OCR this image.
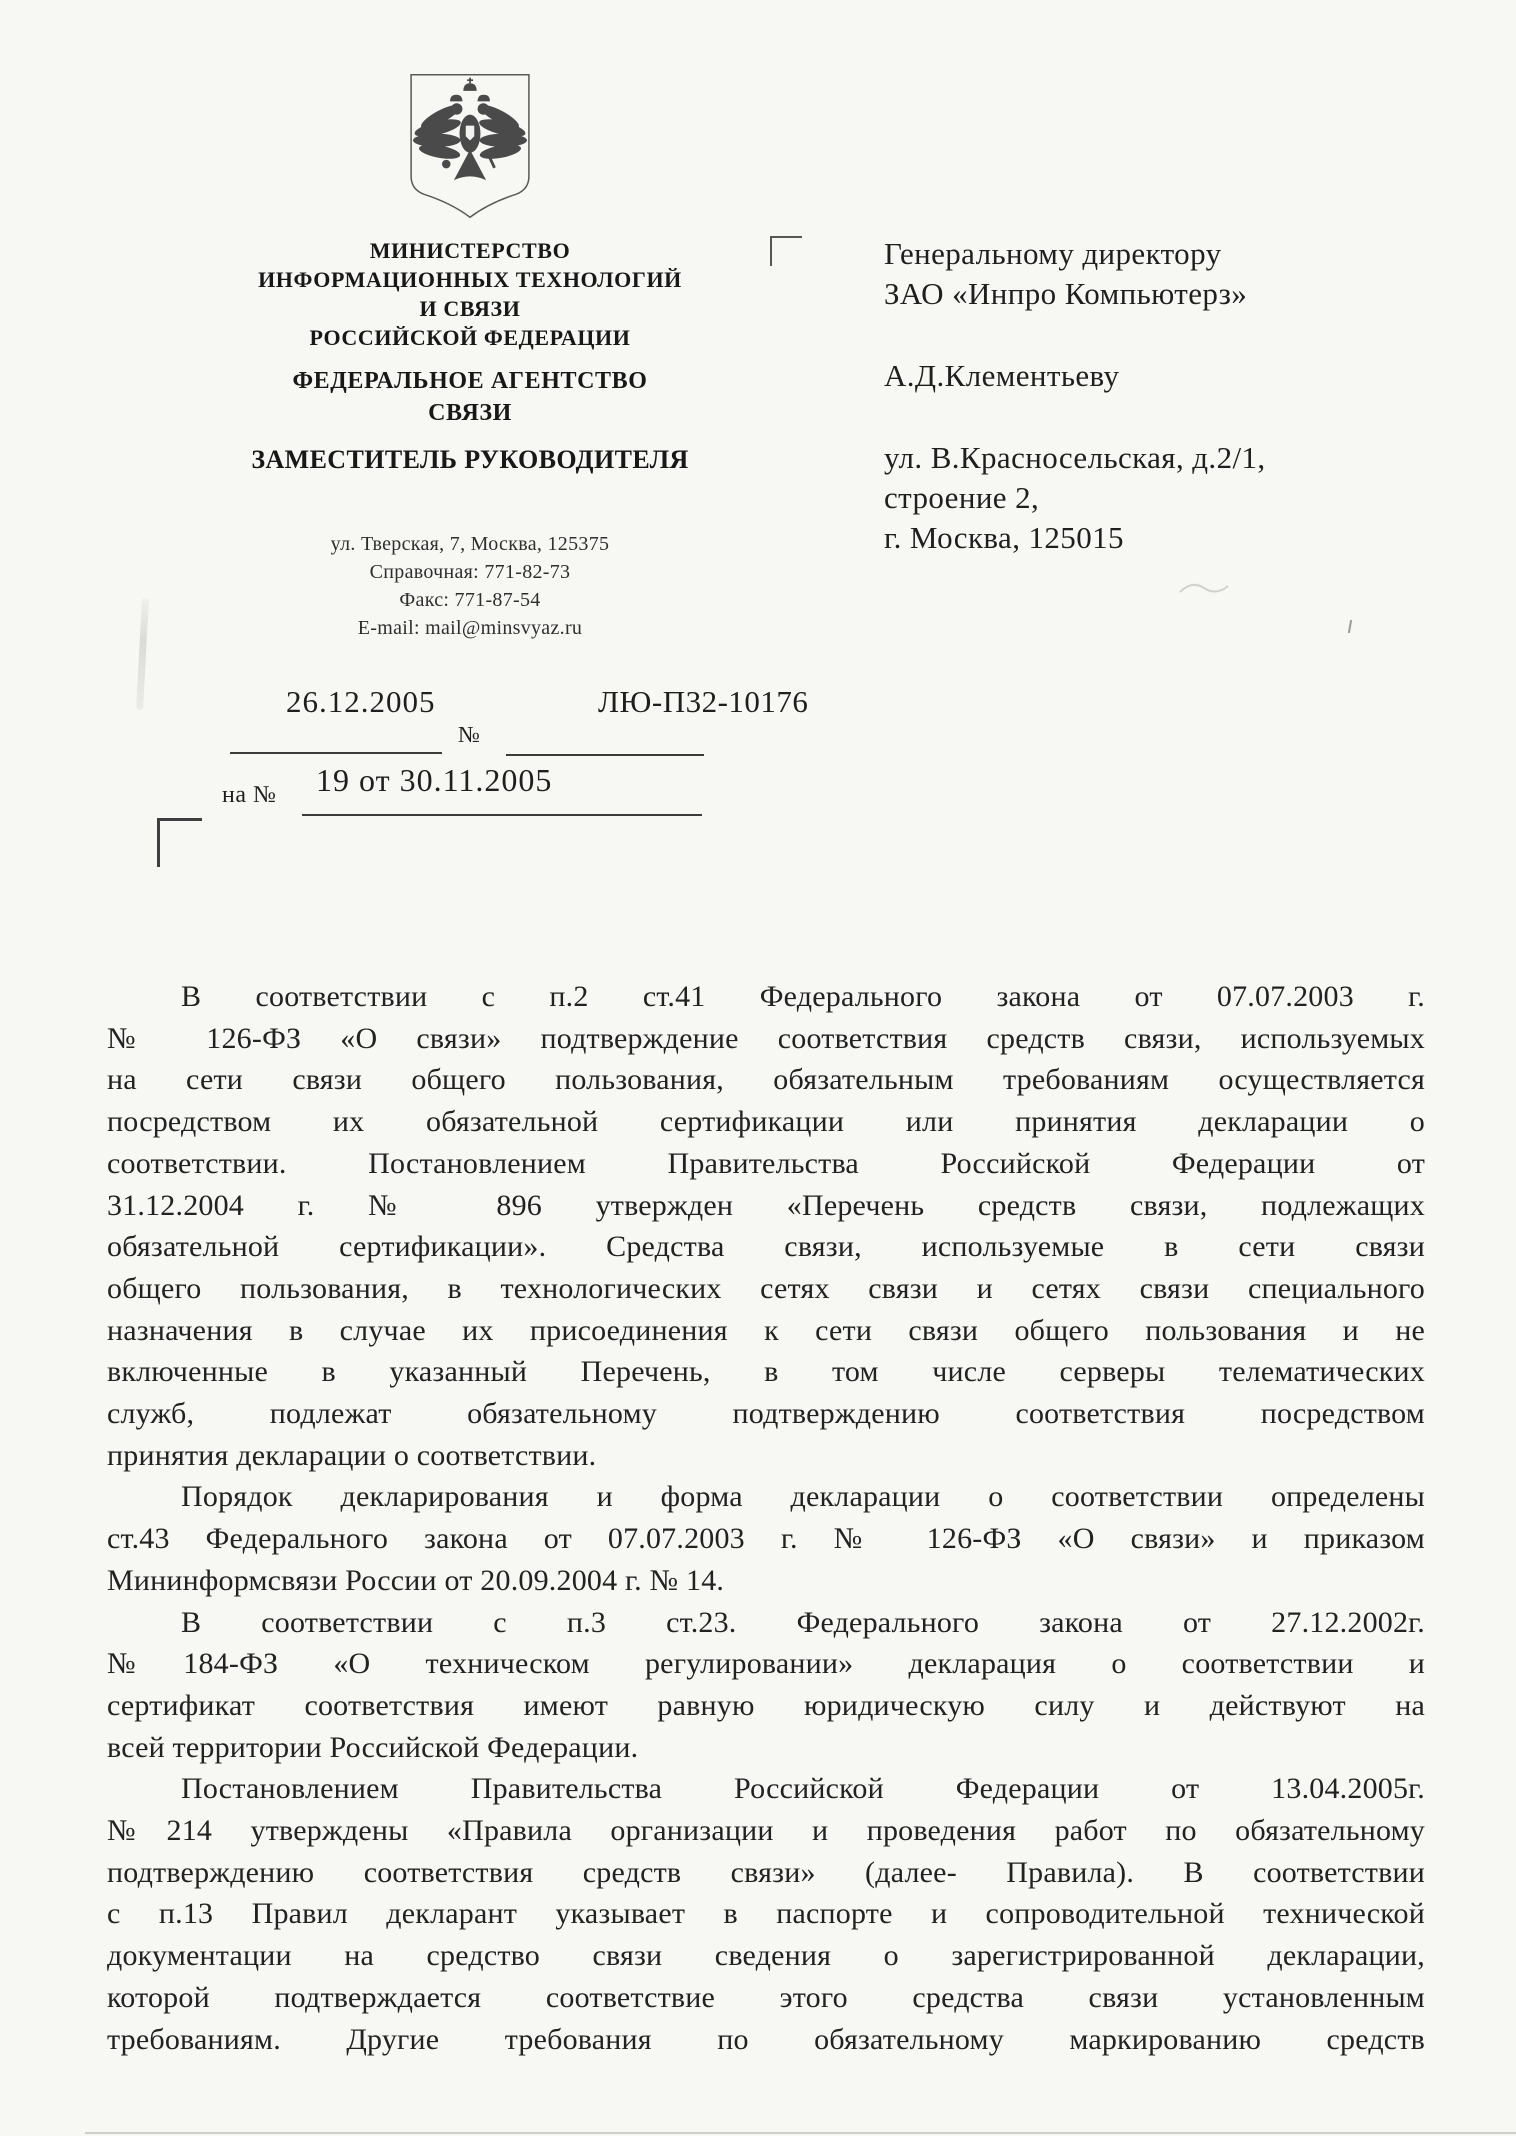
МИНИСТЕРСТВО
ИНФОРМАЦИОННЫХ ТЕХНОЛОГИЙ
И СВЯЗИ
РОССИЙСКОЙ ФЕДЕРАЦИИ
ФЕДЕРАЛЬНОЕ АГЕНТСТВО
СВЯЗИ
ЗАМЕСТИТЕЛЬ РУКОВОДИТЕЛЯ
ул. Тверская, 7, Москва, 125375
Справочная: 771-82-73
Факс: 771-87-54
E-mail: mail@minsvyaz.ru
Генеральному директору
ЗАО «Инпро Компьютерз»
А.Д.Клементьеву
ул. В.Красносельская, д.2/1,
строение 2,
г. Москва, 125015
26.12.2005	ЛЮ-П32-10176
№
на № 19 от 30.11.2005
В соответствии с п.2 ст.41 Федерального закона от 07.07.2003 г.
№ 126-ФЗ «О связи» подтверждение соответствия средств связи, используемых
на сети связи общего пользования, обязательным требованиям осуществляется
посредством их обязательной сертификации или принятия декларации о
соответствии. Постановлением Правительства Российской Федерации от
31.12.2004 г. № 896 утвержден «Перечень средств связи, подлежащих
обязательной сертификации». Средства связи, используемые в сети связи
общего пользования, в технологических сетях связи и сетях связи специального
назначения в случае их присоединения к сети связи общего пользования и не
включенные в указанный Перечень, в том числе серверы телематических
служб, подлежат обязательному подтверждению соответствия посредством
принятия декларации о соответствии.
Порядок декларирования и форма декларации о соответствии определены
ст.43 Федерального закона от 07.07.2003 г. № 126-ФЗ «О связи» и приказом
Мининформсвязи России от 20.09.2004 г. № 14.
В соответствии с п.3 ст.23. Федерального закона от 27.12.2002г.
№184-ФЗ «О техническом регулировании» декларация о соответствии и
сертификат соответствия имеют равную юридическую силу и действуют на
всей территории Российской Федерации.
Постановлением Правительства Российской Федерации от 13.04.2005г.
№214 утверждены «Правила организации и проведения работ по обязательному
подтверждению соответствия средств связи» (далее- Правила). В соответствии
с п.13 Правил декларант указывает в паспорте и сопроводительной технической
документации на средство связи сведения о зарегистрированной декларации,
которой подтверждается соответствие этого средства связи установленным
требованиям. Другие требования по обязательному маркированию средств
